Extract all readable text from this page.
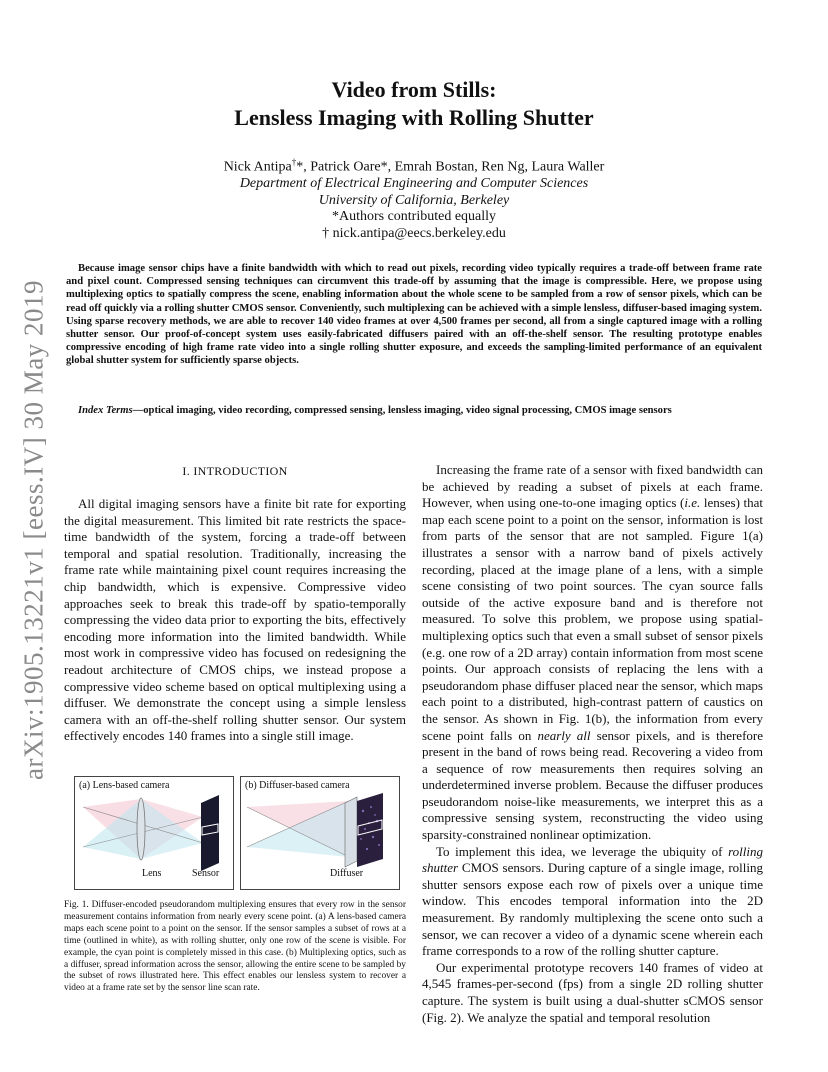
arXiv:1905.13221v1 [eess.IV] 30 May 2019
Video from Stills:
Lensless Imaging with Rolling Shutter
Nick Antipa†*, Patrick Oare*, Emrah Bostan, Ren Ng, Laura Waller
Department of Electrical Engineering and Computer Sciences
University of California, Berkeley
*Authors contributed equally
† nick.antipa@eecs.berkeley.edu
Because image sensor chips have a finite bandwidth with which to read out pixels, recording video typically requires a trade-off between frame rate and pixel count. Compressed sensing techniques can circumvent this trade-off by assuming that the image is compressible. Here, we propose using multiplexing optics to spatially compress the scene, enabling information about the whole scene to be sampled from a row of sensor pixels, which can be read off quickly via a rolling shutter CMOS sensor. Conveniently, such multiplexing can be achieved with a simple lensless, diffuser-based imaging system. Using sparse recovery methods, we are able to recover 140 video frames at over 4,500 frames per second, all from a single captured image with a rolling shutter sensor. Our proof-of-concept system uses easily-fabricated diffusers paired with an off-the-shelf sensor. The resulting prototype enables compressive encoding of high frame rate video into a single rolling shutter exposure, and exceeds the sampling-limited performance of an equivalent global shutter system for sufficiently sparse objects.
Index Terms—optical imaging, video recording, compressed sensing, lensless imaging, video signal processing, CMOS image sensors
I. INTRODUCTION

All digital imaging sensors have a finite bit rate for exporting the digital measurement. This limited bit rate restricts the space-time bandwidth of the system, forcing a trade-off between temporal and spatial resolution. Traditionally, increasing the frame rate while maintaining pixel count requires increasing the chip bandwidth, which is expensive. Compressive video approaches seek to break this trade-off by spatio-temporally compressing the video data prior to exporting the bits, effectively encoding more information into the limited bandwidth. While most work in compressive video has focused on redesigning the readout architecture of CMOS chips, we instead propose a compressive video scheme based on optical multiplexing using a diffuser. We demonstrate the concept using a simple lensless camera with an off-the-shelf rolling shutter sensor. Our system effectively encodes 140 frames into a single still image.

(a) Lens-based camera	(b) Diffuser-based camera
Lens	Sensor	Diffuser
Fig. 1. Diffuser-encoded pseudorandom multiplexing ensures that every row in the sensor measurement contains information from nearly every scene point. (a) A lens-based camera maps each scene point to a point on the sensor. If the sensor samples a subset of rows at a time (outlined in white), as with rolling shutter, only one row of the scene is visible. For example, the cyan point is completely missed in this case. (b) Multiplexing optics, such as a diffuser, spread information across the sensor, allowing the entire scene to be sampled by the subset of rows illustrated here. This effect enables our lensless system to recover a video at a frame rate set by the sensor line scan rate.

Increasing the frame rate of a sensor with fixed bandwidth can be achieved by reading a subset of pixels at each frame. However, when using one-to-one imaging optics (i.e. lenses) that map each scene point to a point on the sensor, information is lost from parts of the sensor that are not sampled. Figure 1(a) illustrates a sensor with a narrow band of pixels actively recording, placed at the image plane of a lens, with a simple scene consisting of two point sources. The cyan source falls outside of the active exposure band and is therefore not measured. To solve this problem, we propose using spatial-multiplexing optics such that even a small subset of sensor pixels (e.g. one row of a 2D array) contain information from most scene points. Our approach consists of replacing the lens with a pseudorandom phase diffuser placed near the sensor, which maps each point to a distributed, high-contrast pattern of caustics on the sensor. As shown in Fig. 1(b), the information from every scene point falls on nearly all sensor pixels, and is therefore present in the band of rows being read. Recovering a video from a sequence of row measurements then requires solving an underdetermined inverse problem. Because the diffuser produces pseudorandom noise-like measurements, we interpret this as a compressive sensing system, reconstructing the video using sparsity-constrained nonlinear optimization.

To implement this idea, we leverage the ubiquity of rolling shutter CMOS sensors. During capture of a single image, rolling shutter sensors expose each row of pixels over a unique time window. This encodes temporal information into the 2D measurement. By randomly multiplexing the scene onto such a sensor, we can recover a video of a dynamic scene wherein each frame corresponds to a row of the rolling shutter capture.

Our experimental prototype recovers 140 frames of video at 4,545 frames-per-second (fps) from a single 2D rolling shutter capture. The system is built using a dual-shutter sCMOS sensor (Fig. 2). We analyze the spatial and temporal resolution
